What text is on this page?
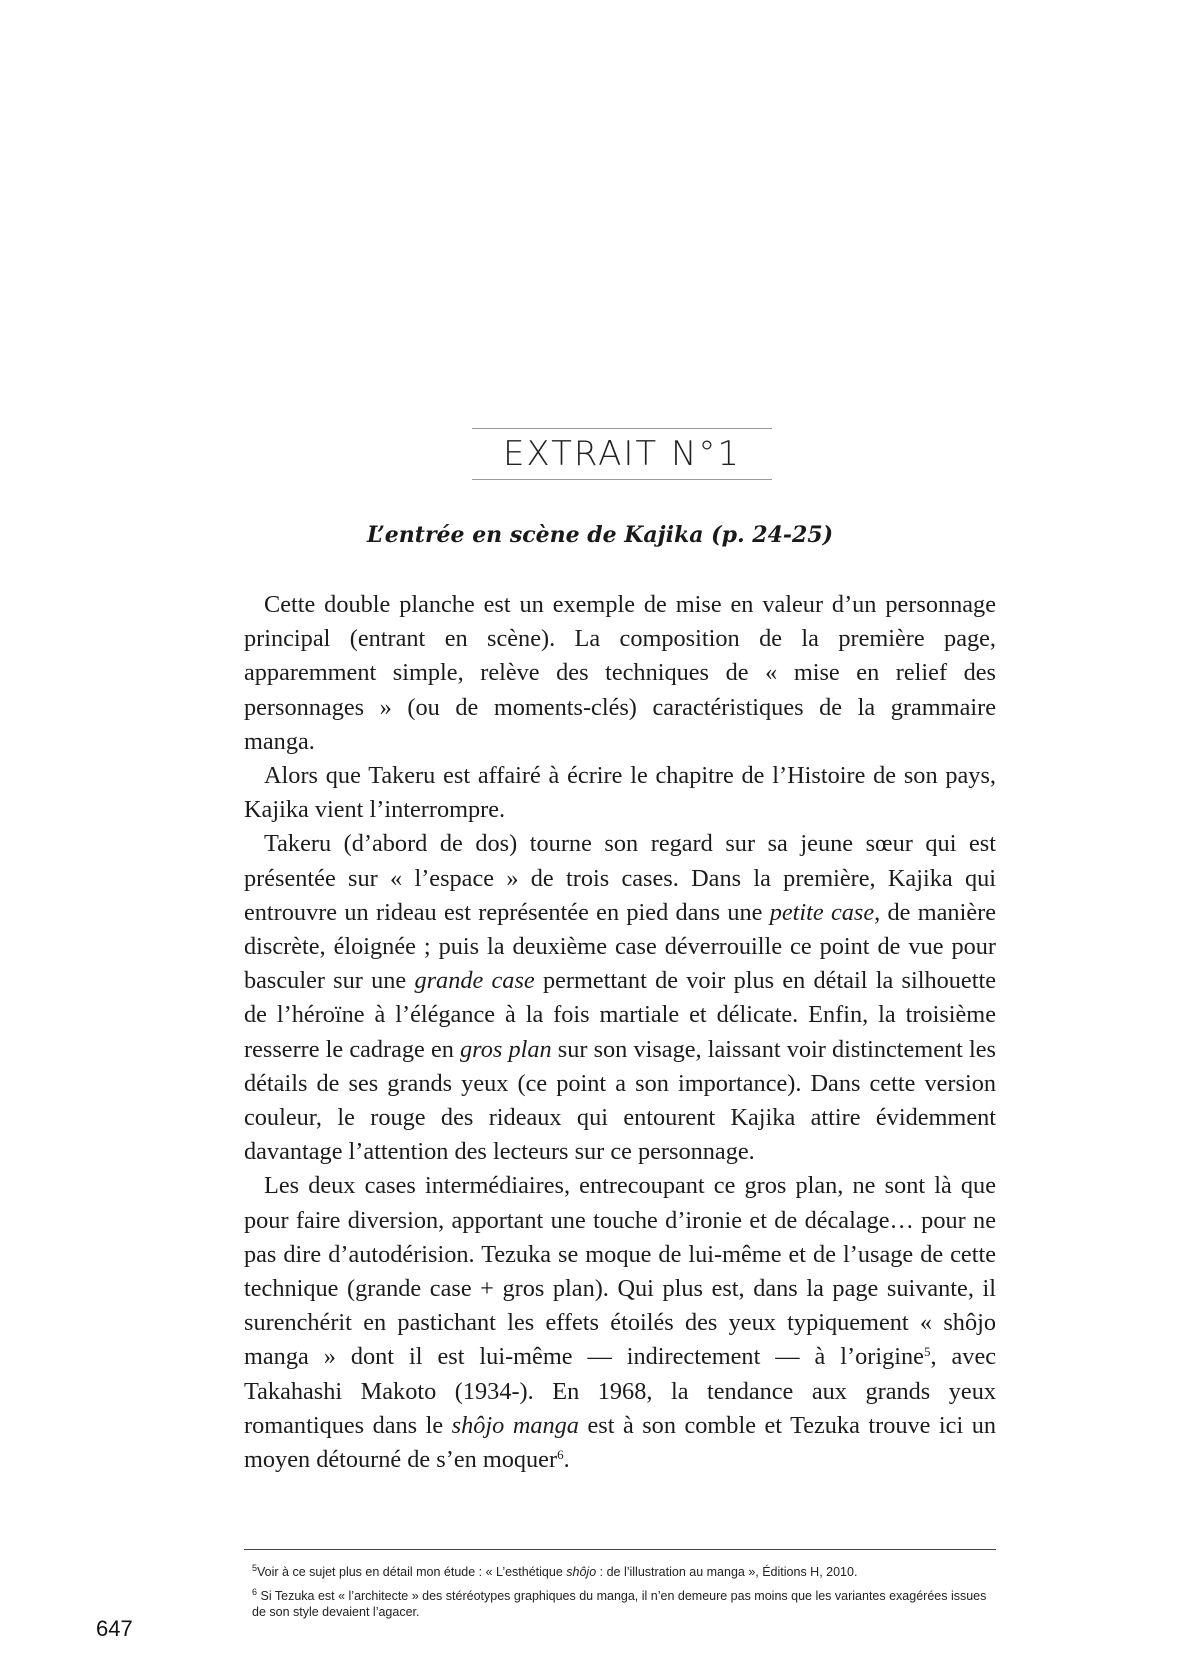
EXTRAIT N°1
L’entrée en scène de Kajika (p. 24-25)

Cette double planche est un exemple de mise en valeur d’un personnage principal (entrant en scène). La composition de la première page, apparemment simple, relève des techniques de « mise en relief des personnages » (ou de moments-clés) caractéristiques de la grammaire manga.

Alors que Takeru est affairé à écrire le chapitre de l’Histoire de son pays, Kajika vient l’interrompre.

Takeru (d’abord de dos) tourne son regard sur sa jeune sœur qui est présentée sur « l’espace » de trois cases. Dans la première, Kajika qui entrouvre un rideau est représentée en pied dans une petite case, de manière discrète, éloignée ; puis la deuxième case déverrouille ce point de vue pour basculer sur une grande case permettant de voir plus en détail la silhouette de l’héroïne à l’élégance à la fois martiale et délicate. Enfin, la troisième resserre le cadrage en gros plan sur son visage, laissant voir distinctement les détails de ses grands yeux (ce point a son importance). Dans cette version couleur, le rouge des rideaux qui entourent Kajika attire évidemment davantage l’attention des lecteurs sur ce personnage.

Les deux cases intermédiaires, entrecoupant ce gros plan, ne sont là que pour faire diversion, apportant une touche d’ironie et de décalage… pour ne pas dire d’autodérision. Tezuka se moque de lui-même et de l’usage de cette technique (grande case + gros plan). Qui plus est, dans la page suivante, il surenchérit en pastichant les effets étoilés des yeux typiquement « shôjo manga » dont il est lui-même — indirectement — à l’origine$^5$, avec Takahashi Makoto (1934-). En 1968, la tendance aux grands yeux romantiques dans le shôjo manga est à son comble et Tezuka trouve ici un moyen détourné de s’en moquer$^6$.

$^5$Voir à ce sujet plus en détail mon étude : « L’esthétique shôjo : de l’illustration au manga », Éditions H, 2010.

$^6$ Si Tezuka est « l’architecte » des stéréotypes graphiques du manga, il n’en demeure pas moins que les variantes exagérées issues de son style devaient l’agacer.

647
